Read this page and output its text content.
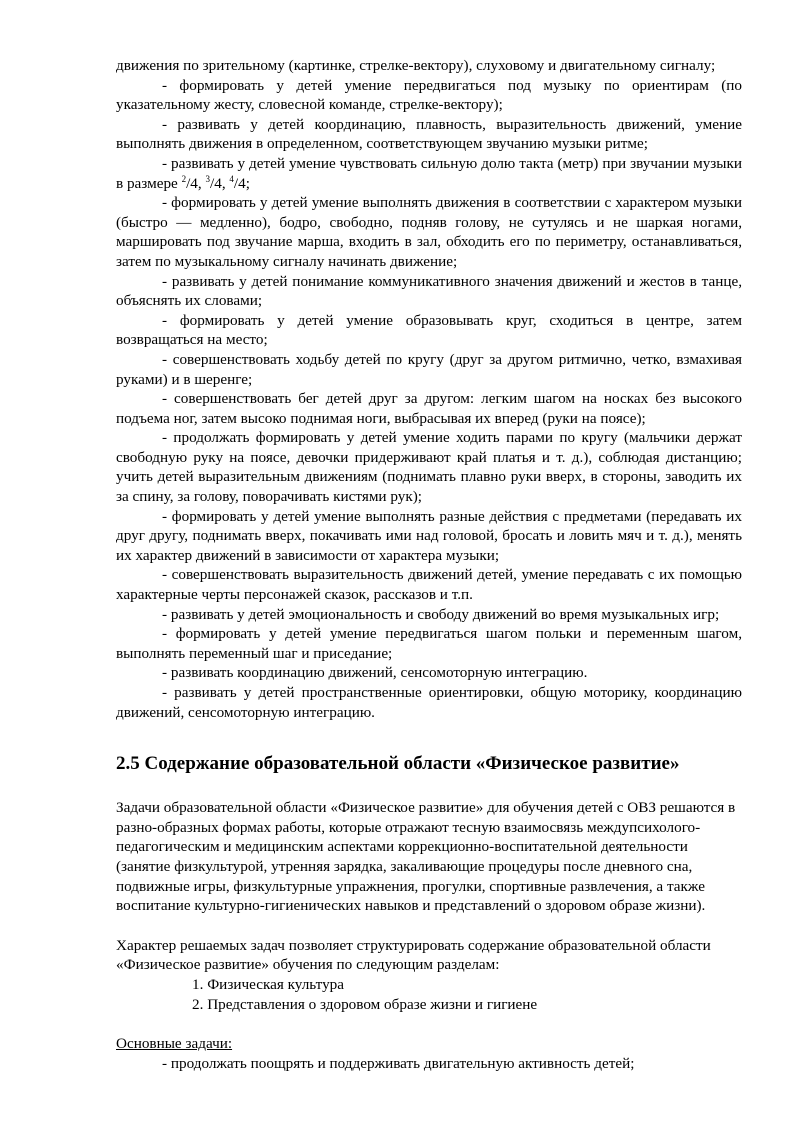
движения по зрительному (картинке, стрелке-вектору), слуховому и двигательному сигналу;

- формировать у детей умение передвигаться под музыку по ориентирам (по указательному жесту, словесной команде, стрелке-вектору);

- развивать у детей координацию, плавность, выразительность движений, умение выполнять движения в определенном, соответствующем звучанию музыки ритме;

- развивать у детей умение чувствовать сильную долю такта (метр) при звучании музыки в размере $^2$/4, $^3$/4, $^4$/4;

- формировать у детей умение выполнять движения в соответствии с характером музыки (быстро — медленно), бодро, свободно, подняв голову, не сутулясь и не шаркая ногами, маршировать под звучание марша, входить в зал, обходить его по периметру, останавливаться, затем по музыкальному сигналу начинать движение;

- развивать у детей понимание коммуникативного значения движений и жестов в танце, объяснять их словами;

- формировать у детей умение образовывать круг, сходиться в центре, затем возвращаться на место;

- совершенствовать ходьбу детей по кругу (друг за другом ритмично, четко, взмахивая руками) и в шеренге;

- совершенствовать бег детей друг за другом: легким шагом на носках без высокого подъема ног, затем высоко поднимая ноги, выбрасывая их вперед (руки на поясе);

- продолжать формировать у детей умение ходить парами по кругу (мальчики держат свободную руку на поясе, девочки придерживают край платья и т. д.), соблюдая дистанцию; учить детей выразительным движениям (поднимать плавно руки вверх, в стороны, заводить их за спину, за голову, поворачивать кистями рук);

- формировать у детей умение выполнять разные действия с предметами (передавать их друг другу, поднимать вверх, покачивать ими над головой, бросать и ловить мяч и т. д.), менять их характер движений в зависимости от характера музыки;

- совершенствовать выразительность движений детей, умение передавать с их помощью характерные черты персонажей сказок, рассказов и т.п.

- развивать у детей эмоциональность и свободу движений во время музыкальных игр;

- формировать у детей умение передвигаться шагом польки и переменным шагом, выполнять переменный шаг и приседание;

- развивать координацию движений, сенсомоторную интеграцию.

- развивать у детей пространственные ориентировки, общую моторику, координацию движений, сенсомоторную интеграцию.

2.5 Содержание образовательной области «Физическое развитие»

Задачи образовательной области «Физическое развитие» для обучения детей с ОВЗ решаются в разно-образных формах работы, которые отражают тесную взаимосвязь междупсихолого-педагогическим и медицинским аспектами коррекционно-воспитательной деятельности (занятие физкультурой, утренняя зарядка, закаливающие процедуры после дневного сна, подвижные игры, физкультурные упражнения, прогулки, спортивные развлечения, а также воспитание культурно-гигиенических навыков и представлений о здоровом образе жизни).

Характер решаемых задач позволяет структурировать содержание образовательной области «Физическое развитие» обучения по следующим разделам:

1. Физическая культура
2. Представления о здоровом образе жизни и гигиене

Основные задачи:

- продолжать поощрять и поддерживать двигательную активность детей;
